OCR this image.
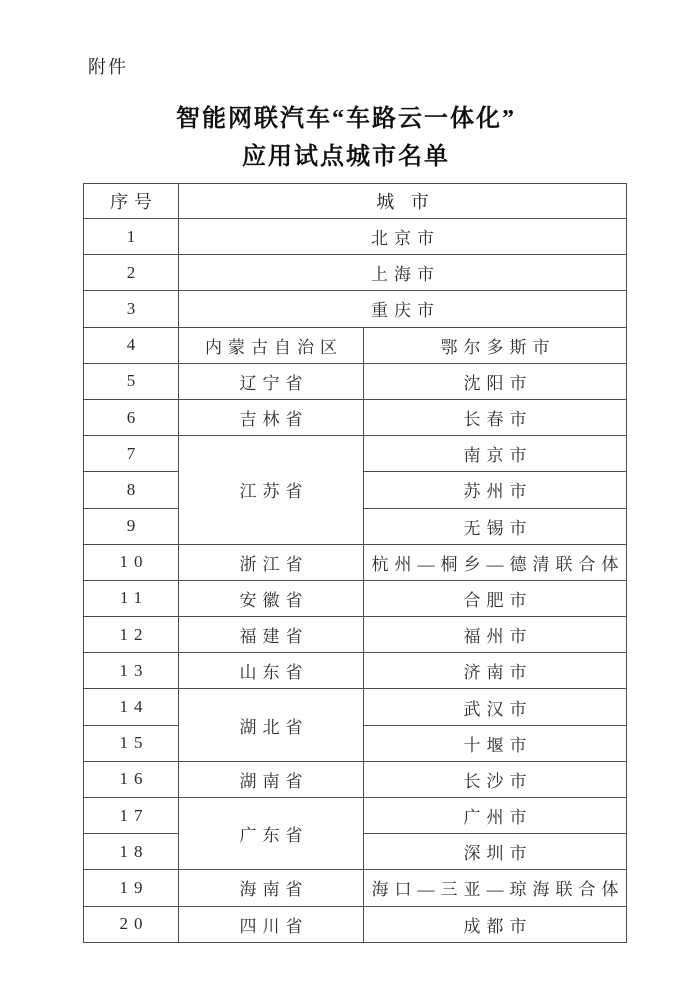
附件
智能网联汽车“车路云一体化”
应用试点城市名单
序号	城 市	
1	北京市	
2	上海市	
3	重庆市	
4	内蒙古自治区	鄂尔多斯市
5	辽宁省	沈阳市
6	吉林省	长春市
7	江苏省	南京市
8		苏州市
9		无锡市
10	浙江省	杭州—桐乡—德清联合体
11	安徽省	合肥市
12	福建省	福州市
13	山东省	济南市
14	湖北省	武汉市
15		十堰市
16	湖南省	长沙市
17	广东省	广州市
18		深圳市
19	海南省	海口—三亚—琼海联合体
20	四川省	成都市
